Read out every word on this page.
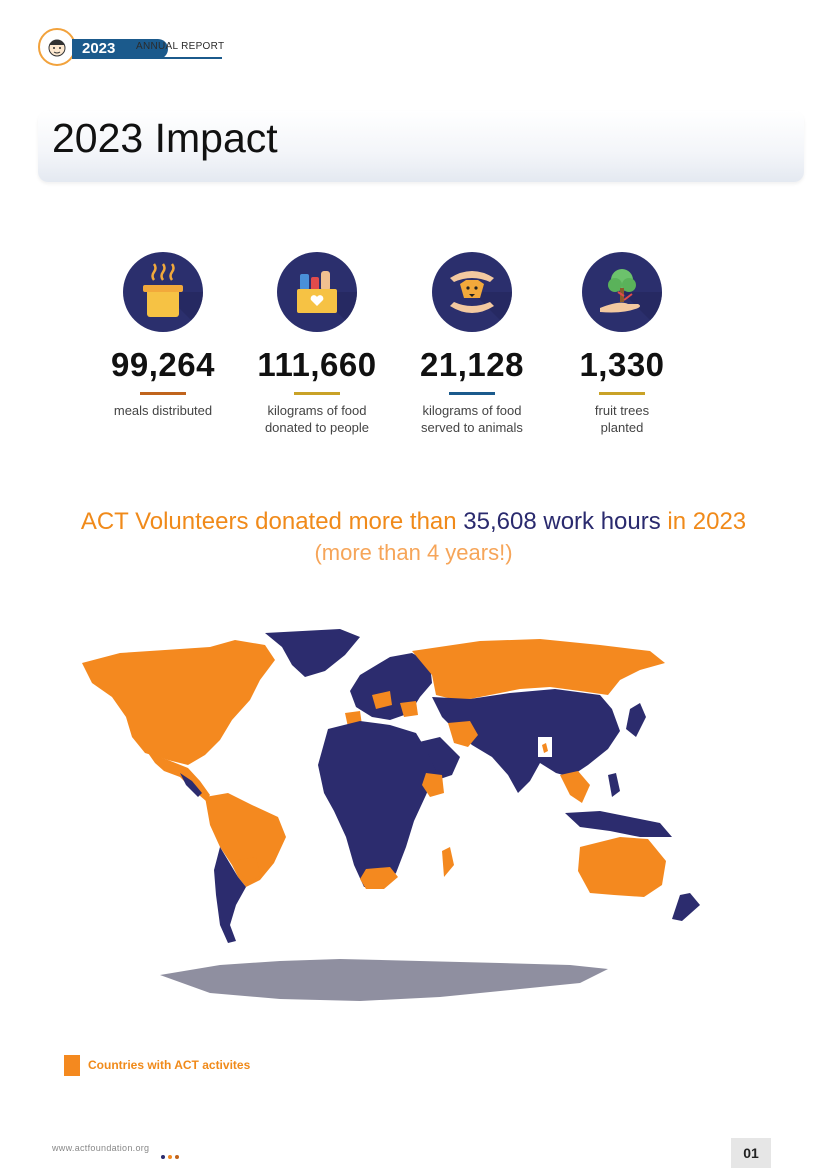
2023	ANNUAL REPORT
2023 Impact
99,264
meals distributed
111,660
kilograms of food
donated to people
21,128
kilograms of food
served to animals
1,330
fruit trees
planted
ACT Volunteers donated more than 35,608 work hours in 2023
(more than 4 years!)
Countries with ACT activites
www.actfoundation.org	01
